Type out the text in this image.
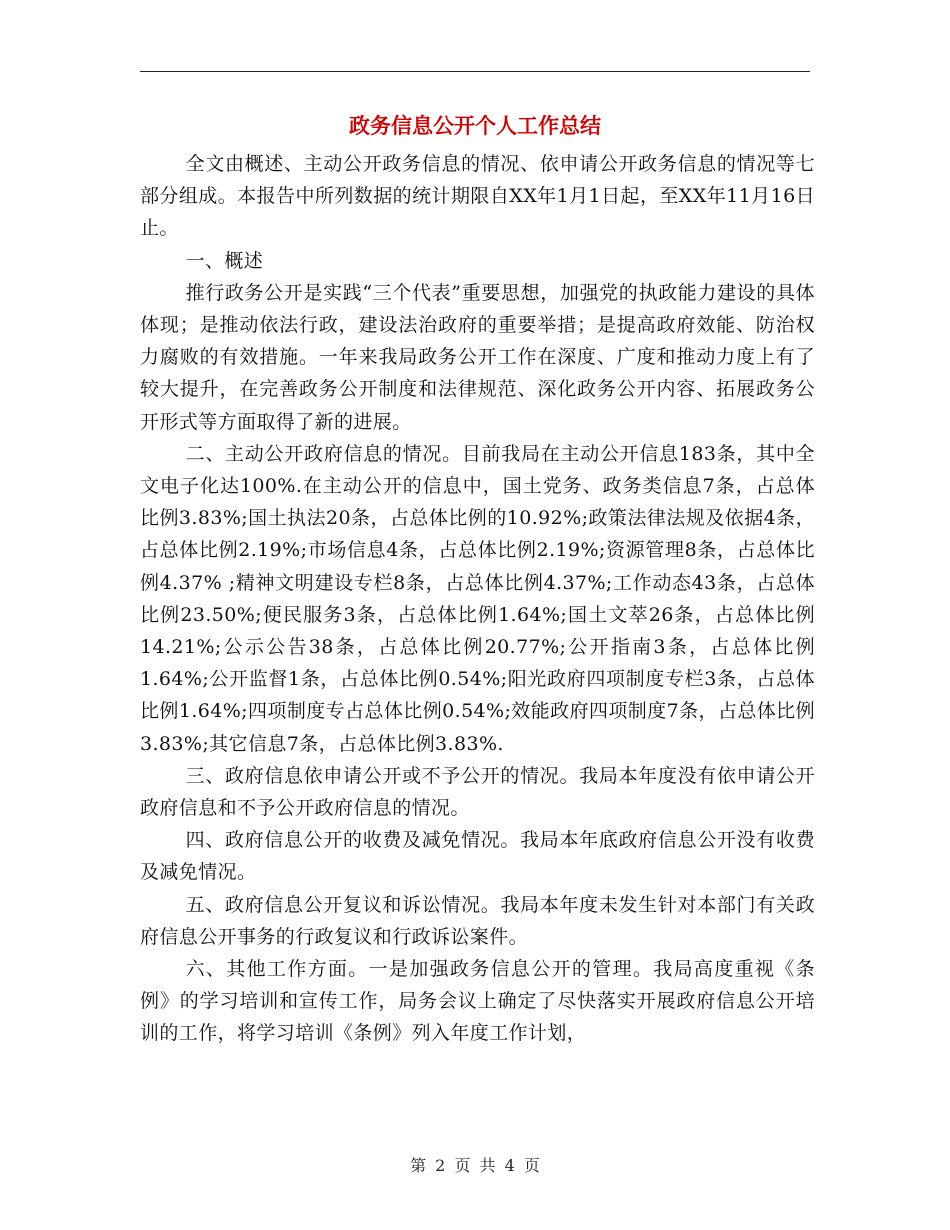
政务信息公开个人工作总结

全文由概述、主动公开政务信息的情况、依申请公开政务信息的情况等七部分组成。本报告中所列数据的统计期限自XX年1月1日起，至XX年11月16日止。

一、概述

推行政务公开是实践“三个代表”重要思想，加强党的执政能力建设的具体体现；是推动依法行政，建设法治政府的重要举措；是提高政府效能、防治权力腐败的有效措施。一年来我局政务公开工作在深度、广度和推动力度上有了较大提升，在完善政务公开制度和法律规范、深化政务公开内容、拓展政务公开形式等方面取得了新的进展。

二、主动公开政府信息的情况。目前我局在主动公开信息183条，其中全文电子化达100%.在主动公开的信息中，国土党务、政务类信息7条，占总体比例3.83%;国土执法20条，占总体比例的10.92%;政策法律法规及依据4条，占总体比例2.19%;市场信息4条，占总体比例2.19%;资源管理8条，占总体比例4.37% ;精神文明建设专栏8条，占总体比例4.37%;工作动态43条，占总体比例23.50%;便民服务3条，占总体比例1.64%;国土文萃26条，占总体比例14.21%;公示公告38条，占总体比例20.77%;公开指南3条，占总体比例1.64%;公开监督1条，占总体比例0.54%;阳光政府四项制度专栏3条，占总体比例1.64%;四项制度专占总体比例0.54%;效能政府四项制度7条，占总体比例3.83%;其它信息7条，占总体比例3.83%.

三、政府信息依申请公开或不予公开的情况。我局本年度没有依申请公开政府信息和不予公开政府信息的情况。

四、政府信息公开的收费及减免情况。我局本年底政府信息公开没有收费及减免情况。

五、政府信息公开复议和诉讼情况。我局本年度未发生针对本部门有关政府信息公开事务的行政复议和行政诉讼案件。

六、其他工作方面。一是加强政务信息公开的管理。我局高度重视《条例》的学习培训和宣传工作，局务会议上确定了尽快落实开展政府信息公开培训的工作，将学习培训《条例》列入年度工作计划，

第 2 页 共 4 页
